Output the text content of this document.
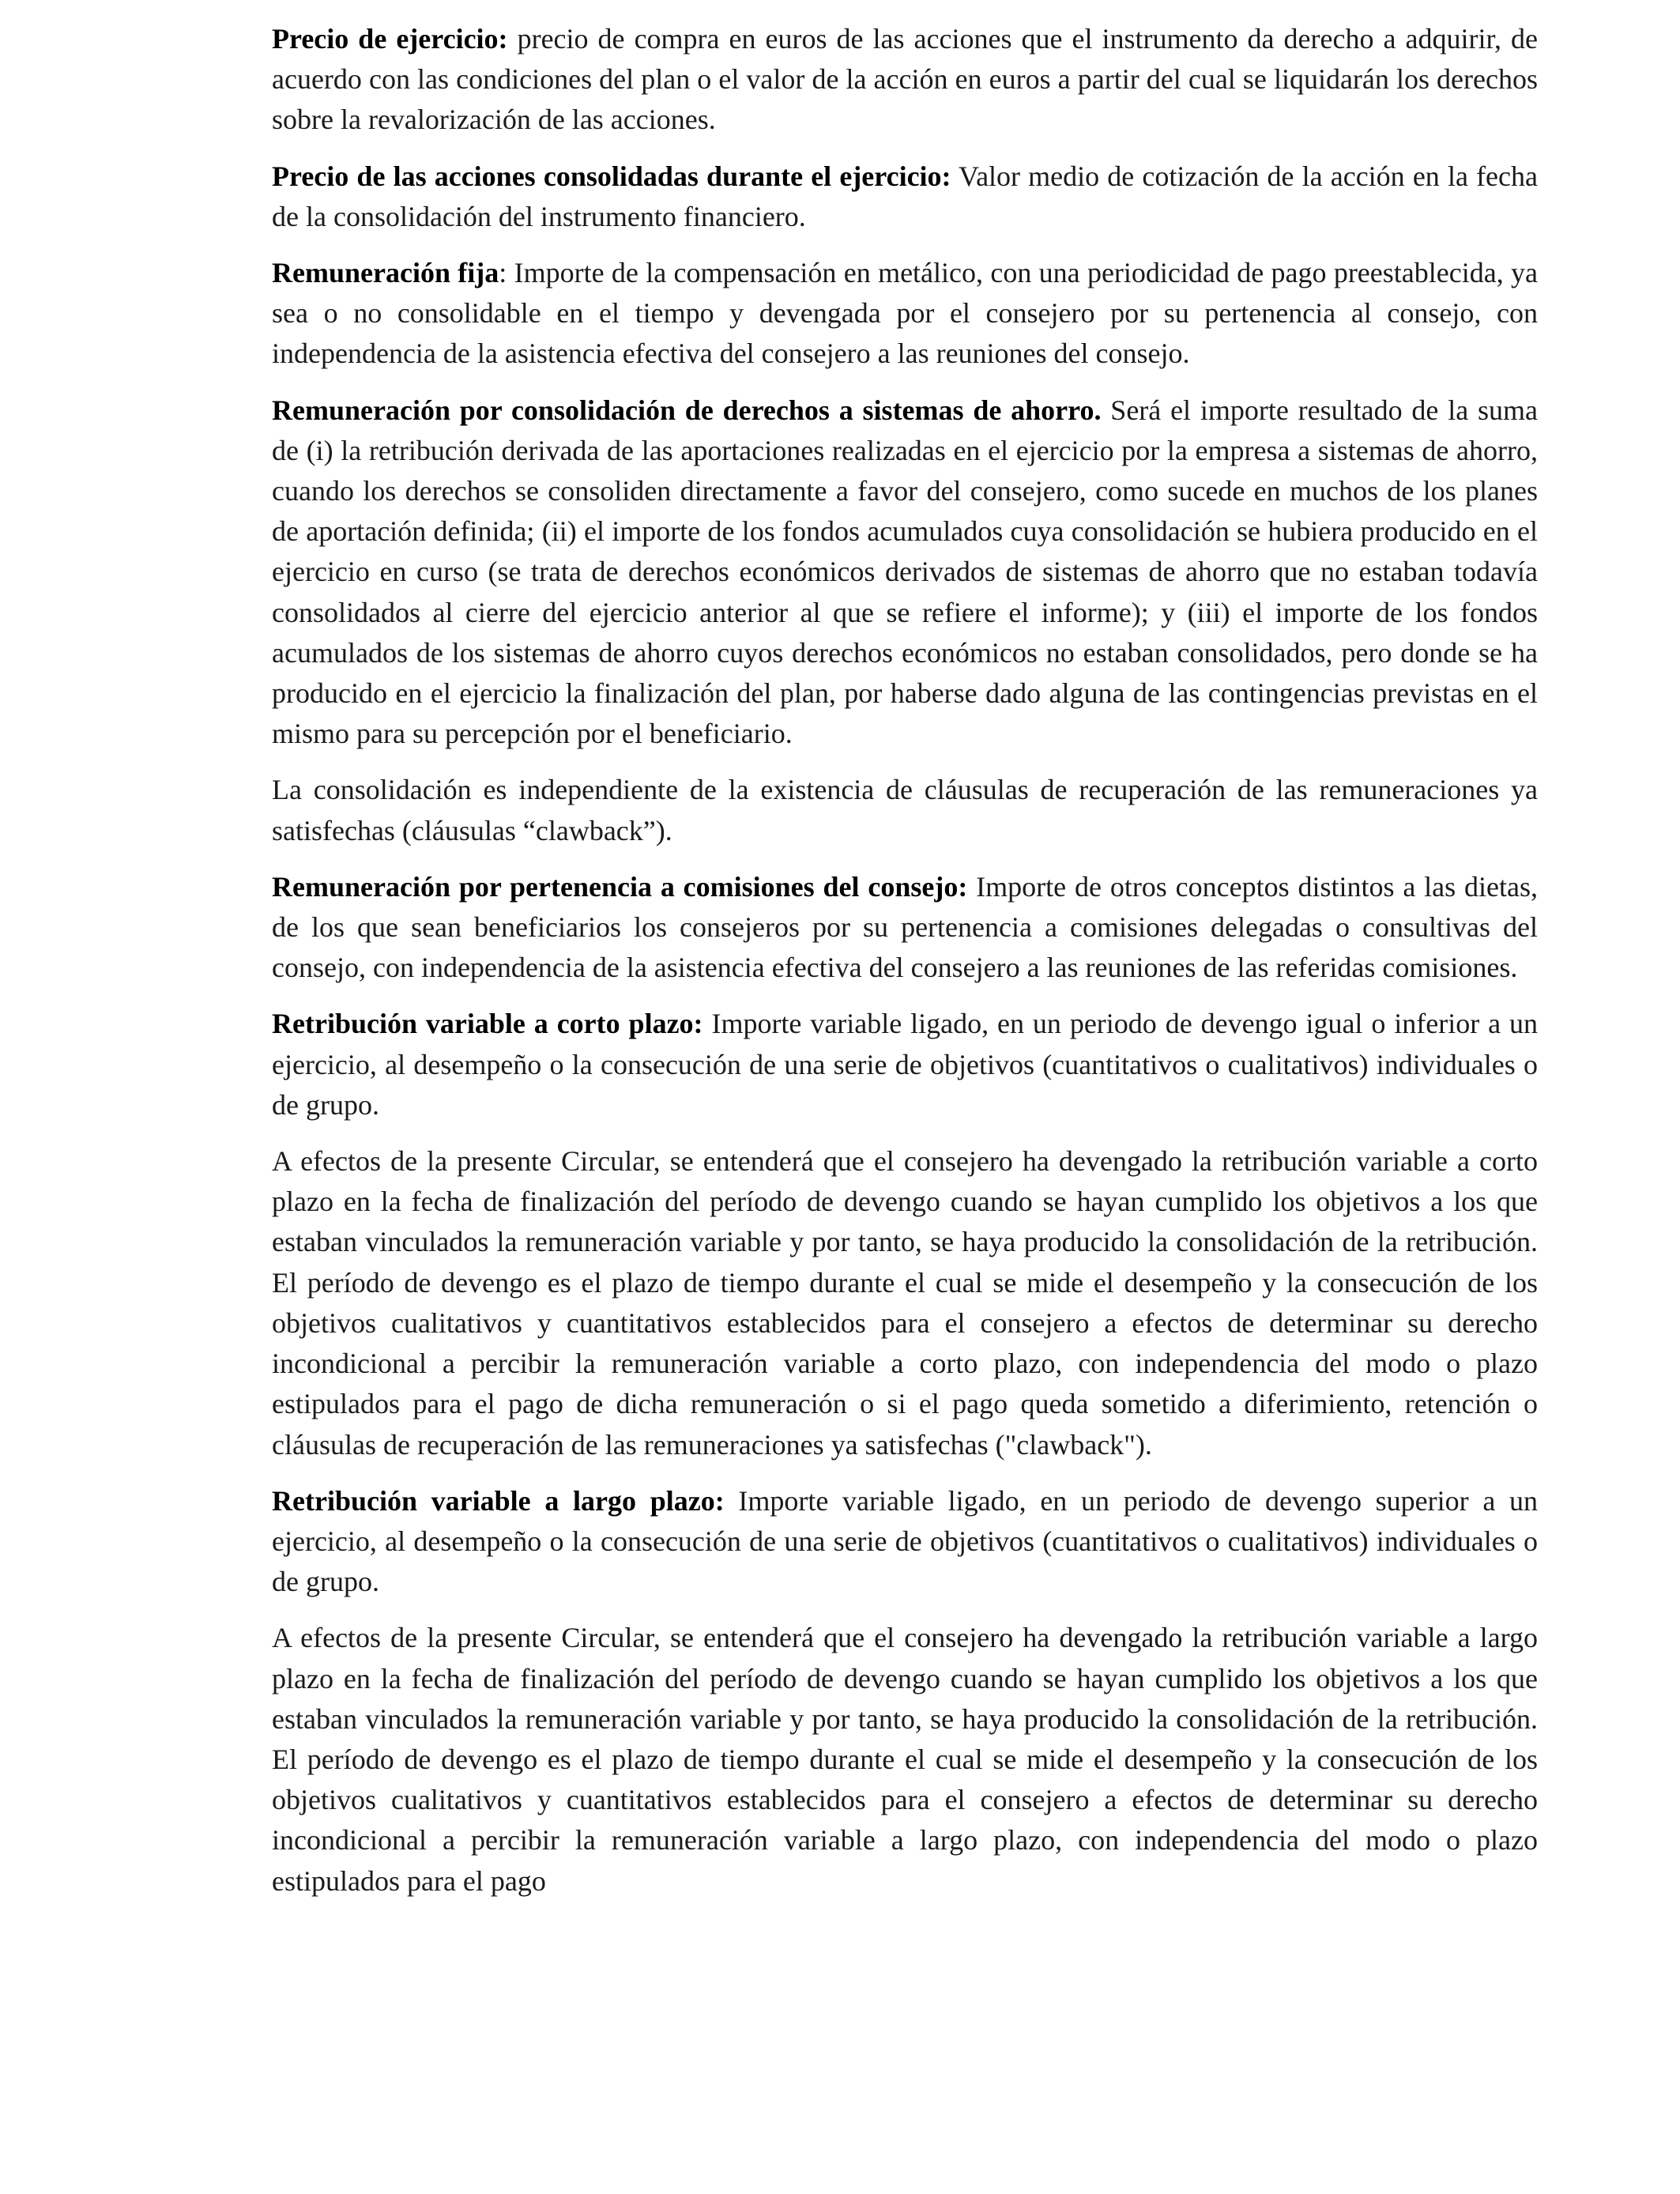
Precio de ejercicio: precio de compra en euros de las acciones que el instrumento da derecho a adquirir, de acuerdo con las condiciones del plan o el valor de la acción en euros a partir del cual se liquidarán los derechos sobre la revalorización de las acciones.

Precio de las acciones consolidadas durante el ejercicio: Valor medio de cotización de la acción en la fecha de la consolidación del instrumento financiero.

Remuneración fija: Importe de la compensación en metálico, con una periodicidad de pago preestablecida, ya sea o no consolidable en el tiempo y devengada por el consejero por su pertenencia al consejo, con independencia de la asistencia efectiva del consejero a las reuniones del consejo.

Remuneración por consolidación de derechos a sistemas de ahorro. Será el importe resultado de la suma de (i) la retribución derivada de las aportaciones realizadas en el ejercicio por la empresa a sistemas de ahorro, cuando los derechos se consoliden directamente a favor del consejero, como sucede en muchos de los planes de aportación definida; (ii) el importe de los fondos acumulados cuya consolidación se hubiera producido en el ejercicio en curso (se trata de derechos económicos derivados de sistemas de ahorro que no estaban todavía consolidados al cierre del ejercicio anterior al que se refiere el informe); y (iii) el importe de los fondos acumulados de los sistemas de ahorro cuyos derechos económicos no estaban consolidados, pero donde se ha producido en el ejercicio la finalización del plan, por haberse dado alguna de las contingencias previstas en el mismo para su percepción por el beneficiario.

La consolidación es independiente de la existencia de cláusulas de recuperación de las remuneraciones ya satisfechas (cláusulas “clawback”).

Remuneración por pertenencia a comisiones del consejo: Importe de otros conceptos distintos a las dietas, de los que sean beneficiarios los consejeros por su pertenencia a comisiones delegadas o consultivas del consejo, con independencia de la asistencia efectiva del consejero a las reuniones de las referidas comisiones.

Retribución variable a corto plazo: Importe variable ligado, en un periodo de devengo igual o inferior a un ejercicio, al desempeño o la consecución de una serie de objetivos (cuantitativos o cualitativos) individuales o de grupo.

A efectos de la presente Circular, se entenderá que el consejero ha devengado la retribución variable a corto plazo en la fecha de finalización del período de devengo cuando se hayan cumplido los objetivos a los que estaban vinculados la remuneración variable y por tanto, se haya producido la consolidación de la retribución. El período de devengo es el plazo de tiempo durante el cual se mide el desempeño y la consecución de los objetivos cualitativos y cuantitativos establecidos para el consejero a efectos de determinar su derecho incondicional a percibir la remuneración variable a corto plazo, con independencia del modo o plazo estipulados para el pago de dicha remuneración o si el pago queda sometido a diferimiento, retención o cláusulas de recuperación de las remuneraciones ya satisfechas ("clawback").

Retribución variable a largo plazo: Importe variable ligado, en un periodo de devengo superior a un ejercicio, al desempeño o la consecución de una serie de objetivos (cuantitativos o cualitativos) individuales o de grupo.

A efectos de la presente Circular, se entenderá que el consejero ha devengado la retribución variable a largo plazo en la fecha de finalización del período de devengo cuando se hayan cumplido los objetivos a los que estaban vinculados la remuneración variable y por tanto, se haya producido la consolidación de la retribución. El período de devengo es el plazo de tiempo durante el cual se mide el desempeño y la consecución de los objetivos cualitativos y cuantitativos establecidos para el consejero a efectos de determinar su derecho incondicional a percibir la remuneración variable a largo plazo, con independencia del modo o plazo estipulados para el pago
